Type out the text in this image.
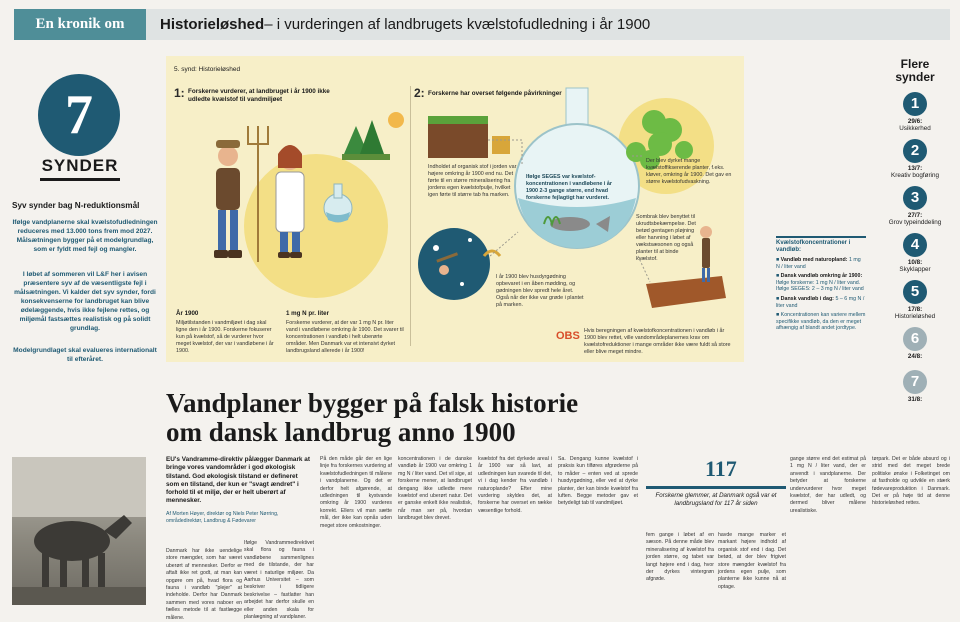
En kronik om	Historieløshed – i vurderingen af landbrugets kvælstofudledning i år 1900
7
SYNDER
Syv synder bag N-reduktionsmål
Ifølge vandplanerne skal kvælstofudledningen reduceres med 13.000 tons frem mod 2027. Målsætningen bygger på et modelgrundlag, som er fyldt med fejl og mangler.
I løbet af sommeren vil L&F her i avisen præsentere syv af de væsentligste fejl i målsætningen. Vi kalder det syv synder, fordi konsekvenserne for landbruget kan blive ødelæggende, hvis ikke fejlene rettes, og miljømål fastsættes realistisk og på solidt grundlag.
Modelgrundlaget skal evalueres internationalt til efteråret.
5. synd: Historieløshed
1: Forskerne vurderer, at landbruget i år 1900 ikke udledte kvælstof til vandmiljøet	2: Forskerne har overset følgende påvirkninger
År 1900
Miljøtilstanden i vandmiljøet i dag skal ligne den i år 1900. Forskerne fokuserer kun på kvælstof, så de vurderer hvor meget kvælstof, der var i vandløbene i år 1900.
1 mg N pr. liter
Forskerne vurderer, at der var 1 mg N pr. liter vand i vandløbene omkring år 1900. Det svarer til koncentrationen i vandløb i helt uberørte områder. Men Danmark var et intensivt dyrket landbrugsland allerede i år 1900!
Indholdet af organisk stof i jorden var højere omkring år 1900 end nu. Det førte til en større mineralisering fra jordens egen kvælstofpulje, hvilket igen førte til større tab fra marken.
Ifølge SEGES var kvælstof-koncentrationen i vandløbene i år 1900 2-3 gange større, end hvad forskerne fejlagtigt har vurderet.
Der blev dyrket mange kvælstoffikserende planter, f.eks. kløver, omkring år 1900. Det gav en større kvælstofudvaskning.
Sombrak blev benyttet til ukrudtsbekæmpelse. Det betød gentagen pløjning eller harvning i løbet af vækstsæsonen og også planter til at binde kvælstof.
I år 1900 blev husdyrgødning opbevaret i en åben mødding, og gødningen blev spredt hele året. Også når der ikke var grøde i plantet på marken.
OBS Hvis beregningen af kvælstofkoncentrationen i vandløb i år 1900 blev rettet, ville vandområdeplanernes krav om kvælstofreduktioner i mange områder ikke være fuldt så store eller blive meget mindre.
Flere synder
1
29/6:
Usikkerhed
2
13/7:
Kreativ bogføring
3
27/7:
Grov typeinddeling
4
10/8:
Skyklapper
5
17/8:
Historieløshed
6
24/8:
7
31/8:
Kvælstofkoncentrationer i vandløb:
■ Vandløb med naturopland: 1 mg N / liter vand
■ Dansk vandløb omkring år 1900: Ifølge forskerne: 1 mg N / liter vand. Ifølge SEGES: 2 – 3 mg N / liter vand
■ Dansk vandløb i dag: 5 – 6 mg N / liter vand
■ Koncentrationen kan variere mellem specifikke vandløb, da den er meget afhængig af blandt andet jordtype.
Vandplaner bygger på falsk historie
om dansk landbrug anno 1900
EU's Vandramme-direktiv pålægger Danmark at bringe vores vandområder i god økologisk tilstand. God økologisk tilstand er defineret som en tilstand, der kun er "svagt ændret" i forhold til et miljø, der er helt uberørt af mennesker.
Af Morten Høyer, direktør og Niels Peter Nørring, områdedirektør, Landbrug & Fødevarer
Danmark har ikke uendelige store mængder, som har været uberørt af mennesker. Derfor er aftalt ikke ret godt, at man kan opgøre om på, hvad flora og fauna i vandløb "plejer" at indeholde. Derfor har Danmark sammen med vores naboer en fælles metode til at fastlægge målene.
Ifølge Vandrammedirektivet skal flora og fauna i vandløbene sammenlignes med de tilstande, der har været i naturlige miljøer. Da Aarhus Universitet – som beskriver i tidligere beskrivelse – fastlatter han arbejdet har derfor skulle en eller anden skala for planlægning af vandplaner.
På den måde går der en lige linje fra forskernes vurdering af kvælstofudledningen til målene i vandplanerne. Og det er derfor helt afgørende, at udledningen til kystvande omkring år 1900 vurderes korrekt. Ellers vil man sætte mål, der ikke kan opnås uden meget store omkostninger.
koncentrationen i de danske vandløb år 1900 var omkring 1 mg N / liter vand. Det vil sige, at forskerne mener, at landbruget dengang ikke udledte mere kvælstof end uberørt natur. Det er ganske enkelt ikke realistisk, når man ser på, hvordan landbruget blev drevet.
kvælstof fra det dyrkede areal i år 1900 var så lavt, at udledningen kun svarede til det, vi i dag kender fra vandløb i naturoplande? Efter mine vurdering skyldes det, at forskerne har overset en række væsentlige forhold.
Sa. Dengang kunne kvælstof i praksis kun tilføres afgrøderne på to måder – enten ved at sprede husdyrgødning, eller ved at dyrke planter, der kan binde kvælstof fra luften. Begge metoder gav et betydeligt tab til vandmiljøet.
117
Forskerne glemmer, at Danmark også var et landbrugsland for 117 år siden
fem gange i løbet af en sæson. På denne måde blev mineralisering af kvælstof fra jorden større, og tabet var langt højere end i dag, hvor der dyrkes vintergrøn afgrøde.
havde mange marker et markant højere indhold af organisk stof end i dag. Det betød, at der blev frigivet store mængder kvælstof fra jordens egen pulje, som planterne ikke kunne nå at optage.
gange større end det estimat på 1 mg N / liter vand, der er anvendt i vandplanerne. Der betyder at forskerne undervurderer hvor meget kvælstof, der har udledt, og dermed bliver målene urealistiske.
tørpark. Det er både absurd og i strid med det meget brede politiske ønske i Folketinget om at fastholde og udvikle en stærk fødevareproduktion i Danmark. Det er på høje tid at denne historieløshed rettes.
